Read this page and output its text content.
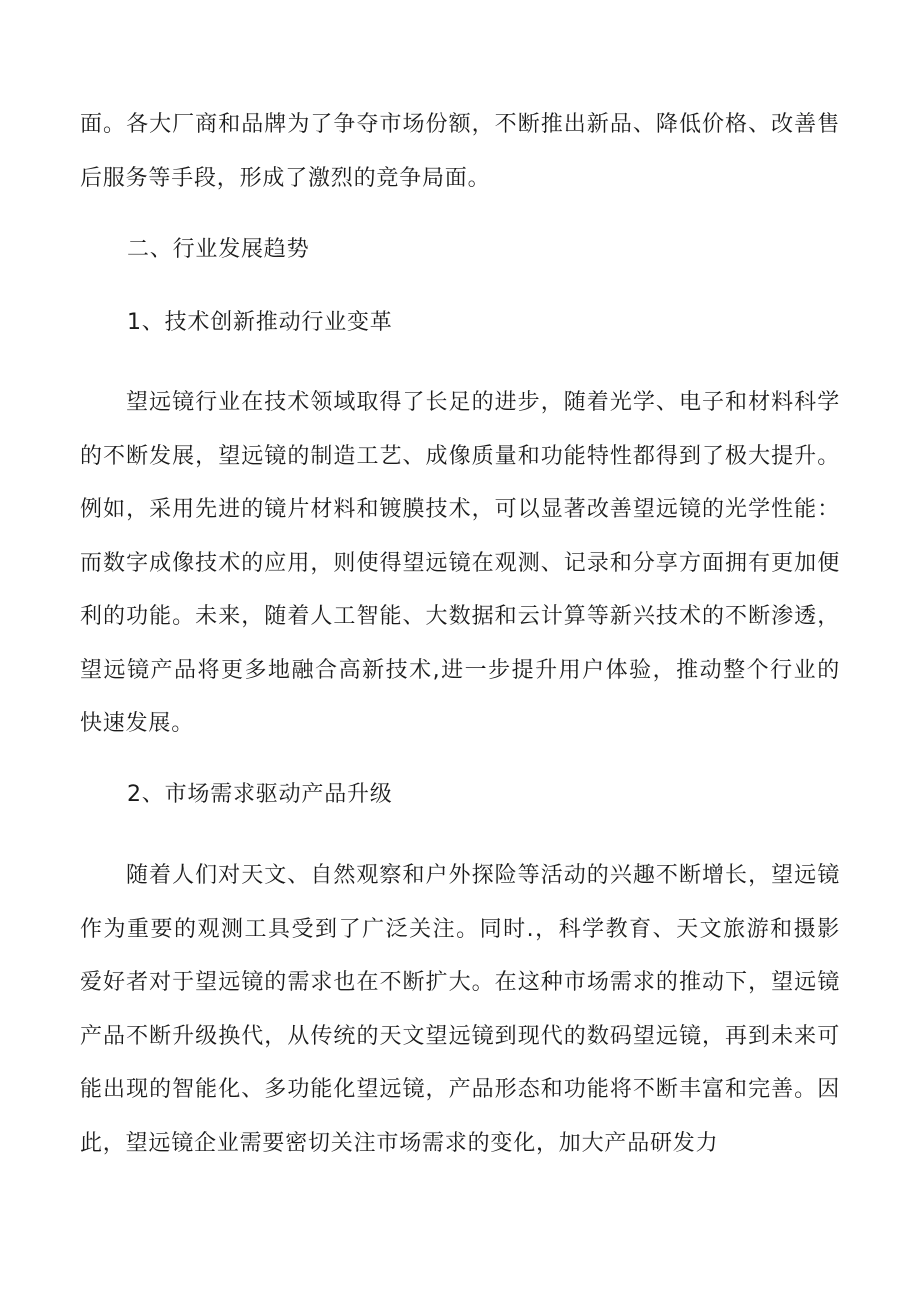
面。各大厂商和品牌为了争夺市场份额，不断推出新品、降低价格、改善售后服务等手段，形成了激烈的竞争局面。

二、行业发展趋势
1、技术创新推动行业变革

望远镜行业在技术领域取得了长足的进步，随着光学、电子和材料科学的不断发展，望远镜的制造工艺、成像质量和功能特性都得到了极大提升。例如，采用先进的镜片材料和镀膜技术，可以显著改善望远镜的光学性能：而数字成像技术的应用，则使得望远镜在观测、记录和分享方面拥有更加便利的功能。未来，随着人工智能、大数据和云计算等新兴技术的不断渗透，望远镜产品将更多地融合高新技术,进一步提升用户体验，推动整个行业的快速发展。

2、市场需求驱动产品升级

随着人们对天文、自然观察和户外探险等活动的兴趣不断增长，望远镜作为重要的观测工具受到了广泛关注。同时.，科学教育、天文旅游和摄影爱好者对于望远镜的需求也在不断扩大。在这种市场需求的推动下，望远镜产品不断升级换代，从传统的天文望远镜到现代的数码望远镜，再到未来可能出现的智能化、多功能化望远镜，产品形态和功能将不断丰富和完善。因此，望远镜企业需要密切关注市场需求的变化，加大产品研发力
